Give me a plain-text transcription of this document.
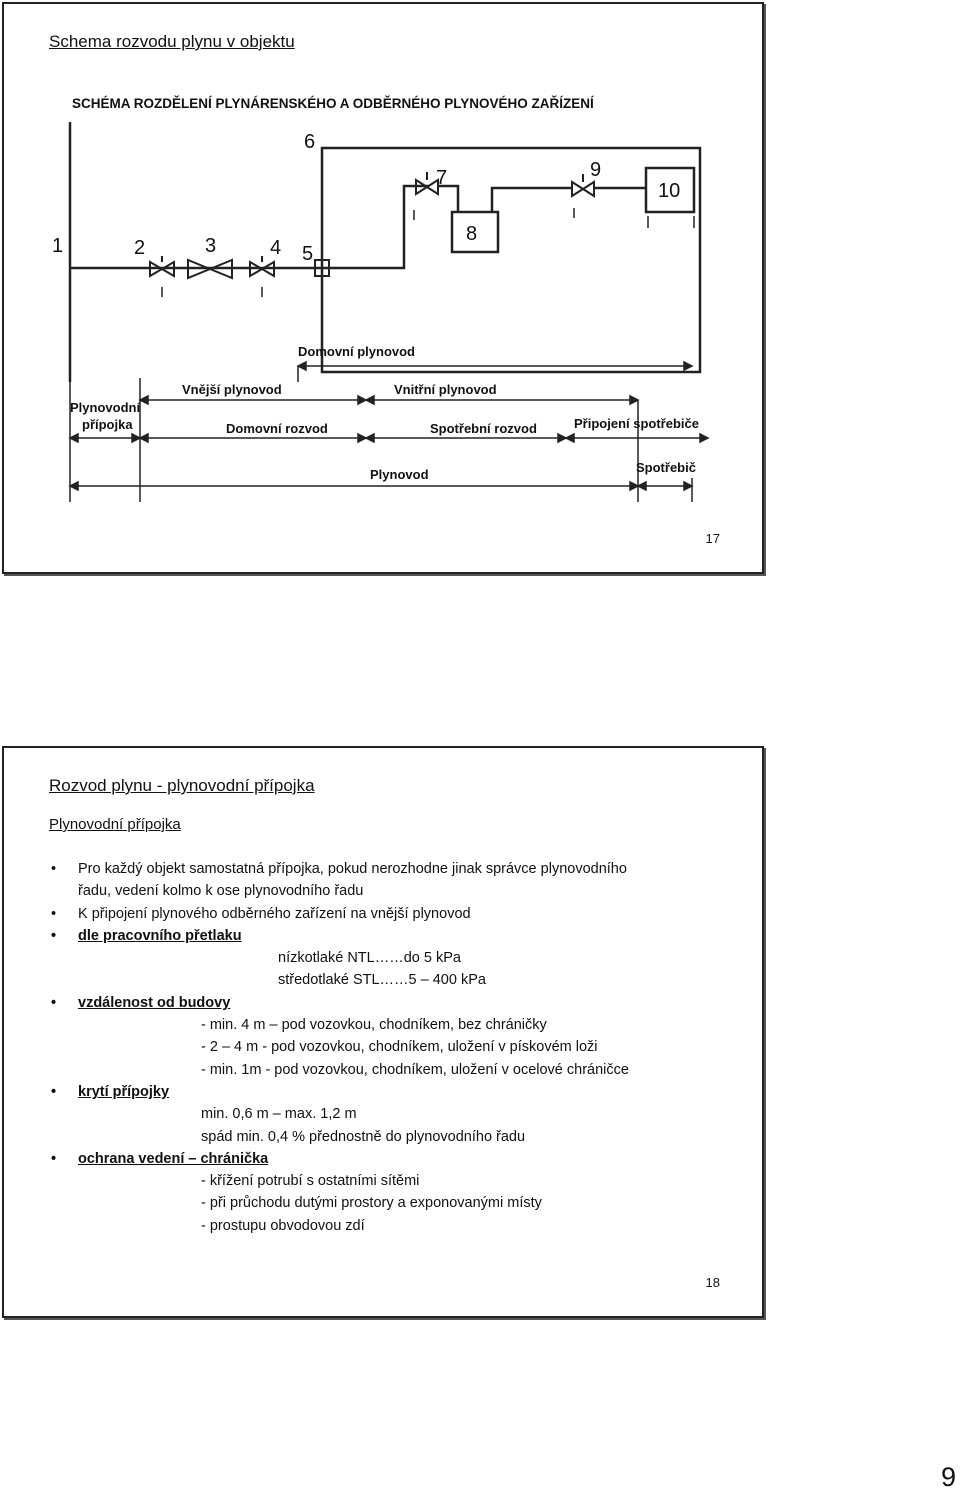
Schema rozvodu plynu v objektu
SCHÉMA ROZDĚLENÍ PLYNÁRENSKÉHO A ODBĚRNÉHO PLYNOVÉHO ZAŘÍZENÍ
1	2	3	4 5
6
7
8
9
10
Domovní plynovod
Vnější plynovod	Vnitřní plynovod
Plynovodní
přípojka	Domovní rozvod	Spotřební rozvod	Připojení spotřebiče
Plynovod	Spotřebič
17
Rozvod plynu - plynovodní přípojka
Plynovodní přípojka
• Pro každý objekt samostatná přípojka, pokud nerozhodne jinak správce plynovodního
řadu, vedení kolmo k ose plynovodního řadu
• K připojení plynového odběrného zařízení na vnější plynovod
• dle pracovního přetlaku
nízkotlaké NTL……do 5 kPa
středotlaké STL……5 – 400 kPa
• vzdálenost od budovy
- min. 4 m – pod vozovkou, chodníkem, bez chráničky
- 2 – 4 m - pod vozovkou, chodníkem, uložení v pískovém loži
- min. 1m - pod vozovkou, chodníkem, uložení v ocelové chráničce
• krytí přípojky
min. 0,6 m – max. 1,2 m
spád min. 0,4 % přednostně do plynovodního řadu
• ochrana vedení – chránička
- křížení potrubí s ostatními sítěmi
- při průchodu dutými prostory a exponovanými místy
- prostupu obvodovou zdí
18
9
